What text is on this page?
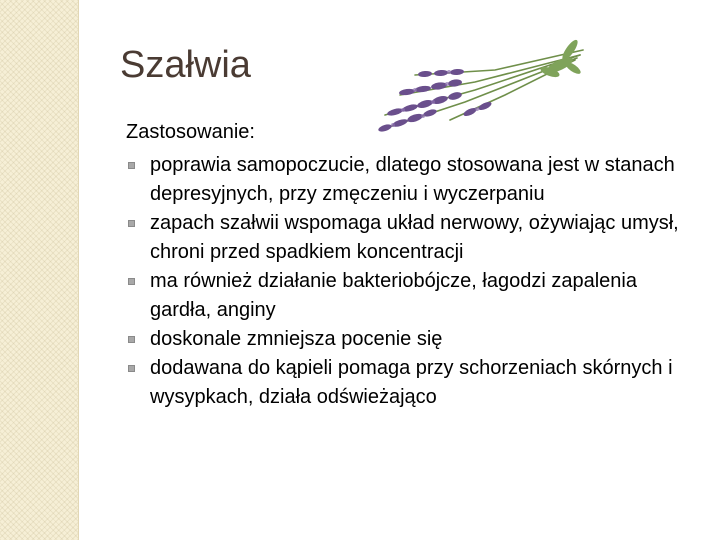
Szałwia

Zastosowanie:

poprawia samopoczucie, dlatego stosowana jest w stanach depresyjnych, przy zmęczeniu i wyczerpaniu
zapach szałwii wspomaga układ nerwowy, ożywiając umysł, chroni przed spadkiem koncentracji
ma również działanie bakteriobójcze, łagodzi zapalenia gardła, anginy
doskonale zmniejsza pocenie się
dodawana do kąpieli pomaga przy schorzeniach skórnych i wysypkach, działa odświeżająco
